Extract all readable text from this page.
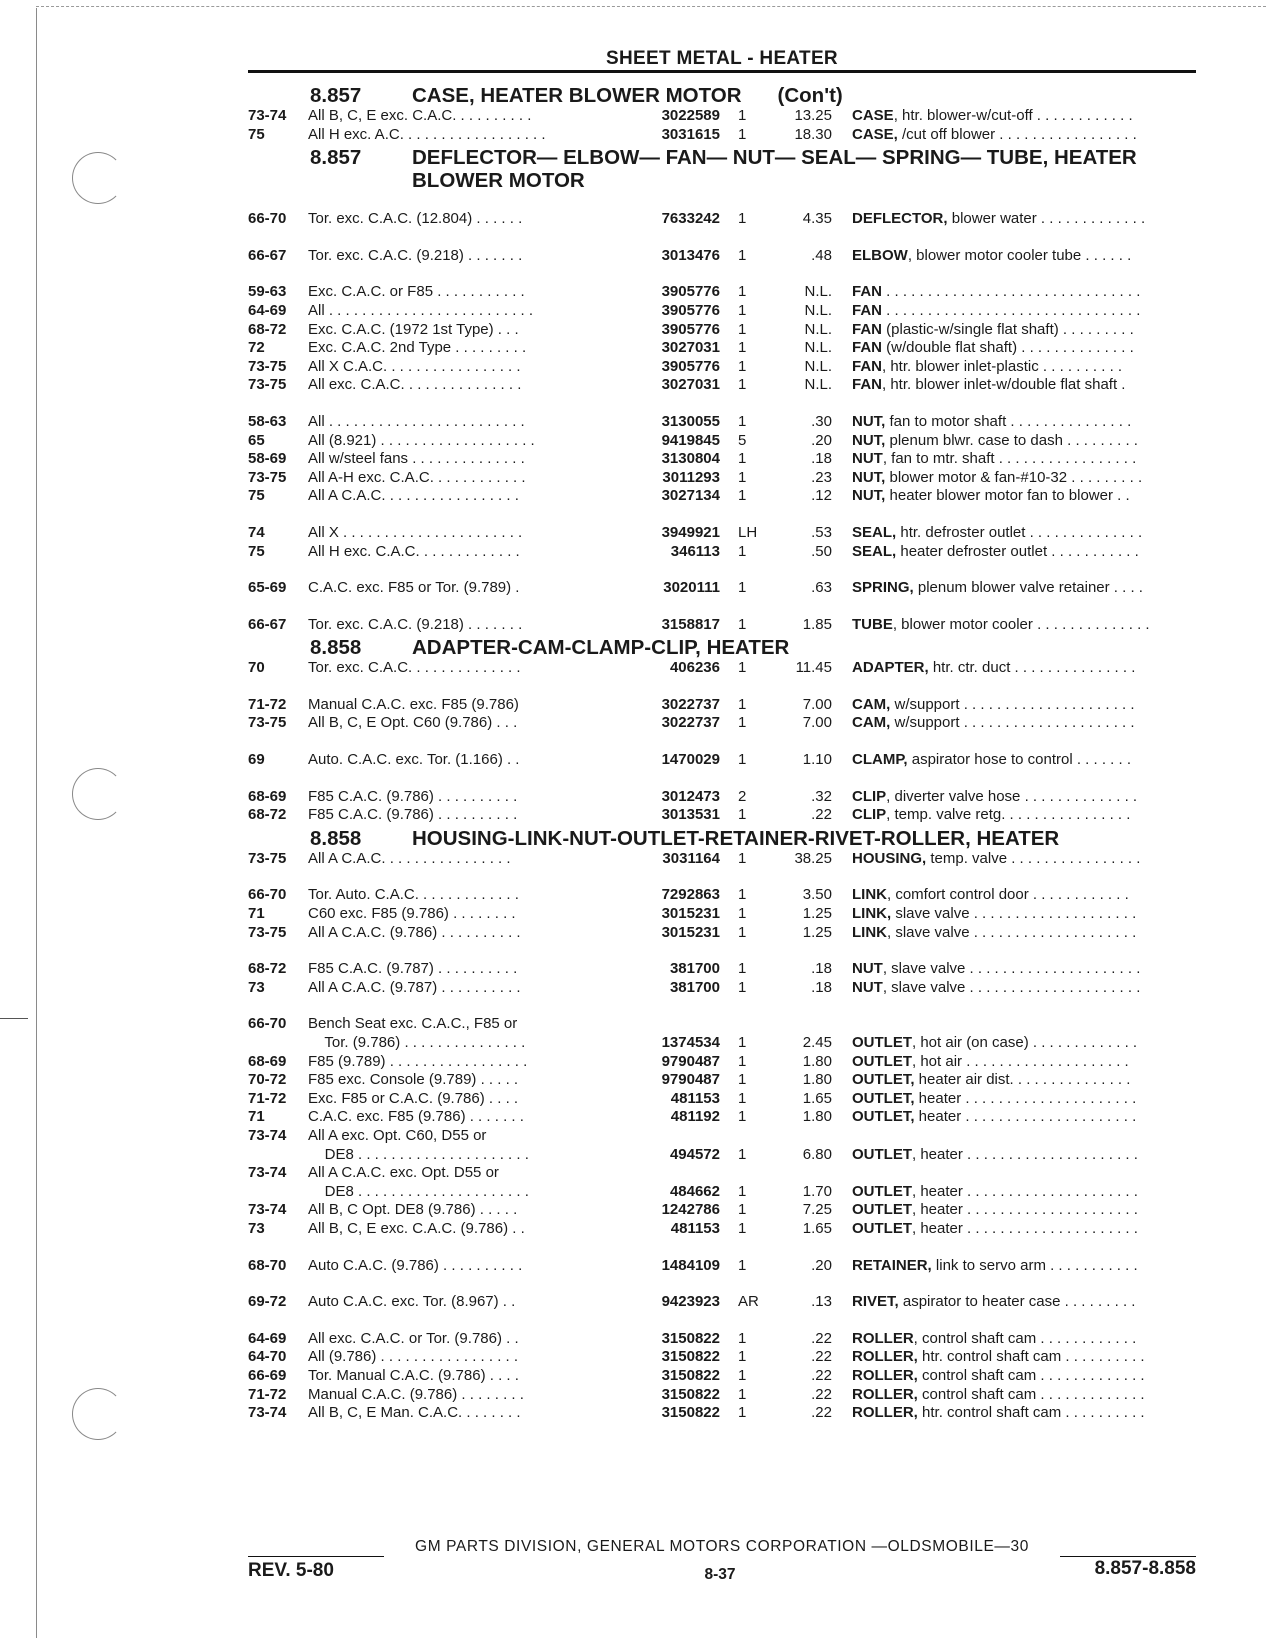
SHEET METAL - HEATER
8.857	CASE, HEATER BLOWER MOTOR (Con't)
73-74	All B, C, E exc. C.A.C. . . . . . . . . .	3022589	1	13.25	CASE, htr. blower-w/cut-off . . . . . . . . . . . .
75	All H exc. A.C. . . . . . . . . . . . . . . . . .	3031615	1	18.30	CASE, /cut off blower . . . . . . . . . . . . . . . . .
8.857	DEFLECTOR— ELBOW— FAN— NUT— SEAL— SPRING— TUBE, HEATER BLOWER MOTOR
66-70	Tor. exc. C.A.C. (12.804) . . . . . .	7633242	1	4.35	DEFLECTOR, blower water . . . . . . . . . . . . .
66-67	Tor. exc. C.A.C. (9.218) . . . . . . .	3013476	1	.48	ELBOW, blower motor cooler tube . . . . . .
59-63	Exc. C.A.C. or F85 . . . . . . . . . . .	3905776	1	N.L.	FAN . . . . . . . . . . . . . . . . . . . . . . . . . . . . . . .
64-69	All . . . . . . . . . . . . . . . . . . . . . . . . .	3905776	1	N.L.	FAN . . . . . . . . . . . . . . . . . . . . . . . . . . . . . . .
68-72	Exc. C.A.C. (1972 1st Type) . . .	3905776	1	N.L.	FAN (plastic-w/single flat shaft) . . . . . . . . .
72	Exc. C.A.C. 2nd Type . . . . . . . . .	3027031	1	N.L.	FAN (w/double flat shaft) . . . . . . . . . . . . . .
73-75	All X C.A.C. . . . . . . . . . . . . . . . .	3905776	1	N.L.	FAN, htr. blower inlet-plastic . . . . . . . . . .
73-75	All exc. C.A.C. . . . . . . . . . . . . . .	3027031	1	N.L.	FAN, htr. blower inlet-w/double flat shaft .
58-63	All . . . . . . . . . . . . . . . . . . . . . . . .	3130055	1	.30	NUT, fan to motor shaft . . . . . . . . . . . . . . .
65	All (8.921) . . . . . . . . . . . . . . . . . . .	9419845	5	.20	NUT, plenum blwr. case to dash . . . . . . . . .
58-69	All w/steel fans . . . . . . . . . . . . . .	3130804	1	.18	NUT, fan to mtr. shaft . . . . . . . . . . . . . . . . .
73-75	All A-H exc. C.A.C. . . . . . . . . . . .	3011293	1	.23	NUT, blower motor & fan-#10-32 . . . . . . . . .
75	All A C.A.C. . . . . . . . . . . . . . . . .	3027134	1	.12	NUT, heater blower motor fan to blower . .
74	All X . . . . . . . . . . . . . . . . . . . . . .	3949921	LH	.53	SEAL, htr. defroster outlet . . . . . . . . . . . . . .
75	All H exc. C.A.C. . . . . . . . . . . . .	346113	1	.50	SEAL, heater defroster outlet . . . . . . . . . . .
65-69	C.A.C. exc. F85 or Tor. (9.789) .	3020111	1	.63	SPRING, plenum blower valve retainer . . . .
66-67	Tor. exc. C.A.C. (9.218) . . . . . . .	3158817	1	1.85	TUBE, blower motor cooler . . . . . . . . . . . . . .
8.858	ADAPTER-CAM-CLAMP-CLIP, HEATER
70	Tor. exc. C.A.C. . . . . . . . . . . . . .	406236	1	11.45	ADAPTER, htr. ctr. duct . . . . . . . . . . . . . . .
71-72	Manual C.A.C. exc. F85 (9.786)	3022737	1	7.00	CAM, w/support . . . . . . . . . . . . . . . . . . . . .
73-75	All B, C, E Opt. C60 (9.786) . . .	3022737	1	7.00	CAM, w/support . . . . . . . . . . . . . . . . . . . . .
69	Auto. C.A.C. exc. Tor. (1.166) . .	1470029	1	1.10	CLAMP, aspirator hose to control . . . . . . .
68-69	F85 C.A.C. (9.786) . . . . . . . . . .	3012473	2	.32	CLIP, diverter valve hose . . . . . . . . . . . . . .
68-72	F85 C.A.C. (9.786) . . . . . . . . . .	3013531	1	.22	CLIP, temp. valve retg. . . . . . . . . . . . . . . .
8.858	HOUSING-LINK-NUT-OUTLET-RETAINER-RIVET-ROLLER, HEATER
73-75	All A C.A.C. . . . . . . . . . . . . . . .	3031164	1	38.25	HOUSING, temp. valve . . . . . . . . . . . . . . . .
66-70	Tor. Auto. C.A.C. . . . . . . . . . . . .	7292863	1	3.50	LINK, comfort control door . . . . . . . . . . . .
71	C60 exc. F85 (9.786) . . . . . . . .	3015231	1	1.25	LINK, slave valve . . . . . . . . . . . . . . . . . . . .
73-75	All A C.A.C. (9.786) . . . . . . . . . .	3015231	1	1.25	LINK, slave valve . . . . . . . . . . . . . . . . . . . .
68-72	F85 C.A.C. (9.787) . . . . . . . . . .	381700	1	.18	NUT, slave valve . . . . . . . . . . . . . . . . . . . . .
73	All A C.A.C. (9.787) . . . . . . . . . .	381700	1	.18	NUT, slave valve . . . . . . . . . . . . . . . . . . . . .
66-70	Bench Seat exc. C.A.C., F85 or
Tor. (9.786) . . . . . . . . . . . . . . .	1374534	1	2.45	OUTLET, hot air (on case) . . . . . . . . . . . . .
68-69	F85 (9.789) . . . . . . . . . . . . . . . . .	9790487	1	1.80	OUTLET, hot air . . . . . . . . . . . . . . . . . . . .
70-72	F85 exc. Console (9.789) . . . . .	9790487	1	1.80	OUTLET, heater air dist. . . . . . . . . . . . . . .
71-72	Exc. F85 or C.A.C. (9.786) . . . .	481153	1	1.65	OUTLET, heater . . . . . . . . . . . . . . . . . . . . .
71	C.A.C. exc. F85 (9.786) . . . . . . .	481192	1	1.80	OUTLET, heater . . . . . . . . . . . . . . . . . . . . .
73-74	All A exc. Opt. C60, D55 or
DE8 . . . . . . . . . . . . . . . . . . . . .	494572	1	6.80	OUTLET, heater . . . . . . . . . . . . . . . . . . . . .
73-74	All A C.A.C. exc. Opt. D55 or
DE8 . . . . . . . . . . . . . . . . . . . . .	484662	1	1.70	OUTLET, heater . . . . . . . . . . . . . . . . . . . . .
73-74	All B, C Opt. DE8 (9.786) . . . . .	1242786	1	7.25	OUTLET, heater . . . . . . . . . . . . . . . . . . . . .
73	All B, C, E exc. C.A.C. (9.786) . .	481153	1	1.65	OUTLET, heater . . . . . . . . . . . . . . . . . . . . .
68-70	Auto C.A.C. (9.786) . . . . . . . . . .	1484109	1	.20	RETAINER, link to servo arm . . . . . . . . . . .
69-72	Auto C.A.C. exc. Tor. (8.967) . .	9423923	AR	.13	RIVET, aspirator to heater case . . . . . . . . .
64-69	All exc. C.A.C. or Tor. (9.786) . .	3150822	1	.22	ROLLER, control shaft cam . . . . . . . . . . . .
64-70	All (9.786) . . . . . . . . . . . . . . . . .	3150822	1	.22	ROLLER, htr. control shaft cam . . . . . . . . . .
66-69	Tor. Manual C.A.C. (9.786) . . . .	3150822	1	.22	ROLLER, control shaft cam . . . . . . . . . . . . .
71-72	Manual C.A.C. (9.786) . . . . . . . .	3150822	1	.22	ROLLER, control shaft cam . . . . . . . . . . . . .
73-74	All B, C, E Man. C.A.C. . . . . . . .	3150822	1	.22	ROLLER, htr. control shaft cam . . . . . . . . . .
GM PARTS DIVISION, GENERAL MOTORS CORPORATION —OLDSMOBILE—30
REV. 5-80	8-37	8.857-8.858
